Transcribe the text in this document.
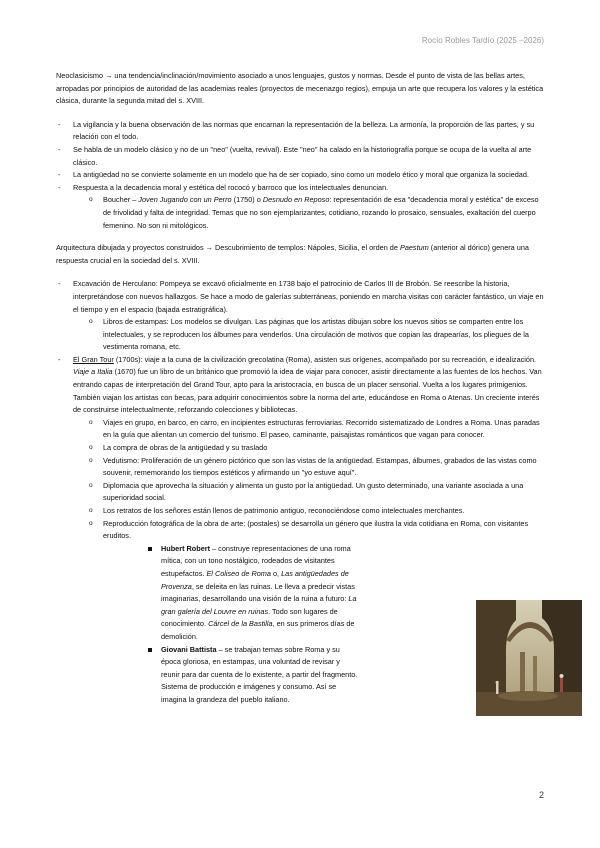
Rocío Robles Tardío (2025 –2026)

Neoclasicismo → una tendencia/inclinación/movimiento asociado a unos lenguajes, gustos y normas. Desde el punto de vista de las bellas artes, arropadas por principios de autoridad de las academias reales (proyectos de mecenazgo regios), empuja un arte que recupera los valores y la estética clásica, durante la segunda mitad del s. XVIII.

- La vigilancia y la buena observación de las normas que encarnan la representación de la belleza. La armonía, la proporción de las partes, y su relación con el todo.
- Se habla de un modelo clásico y no de un "neo" (vuelta, revival). Este "neo" ha calado en la historiografía porque se ocupa de la vuelta al arte clásico.
- La antigüedad no se convierte solamente en un modelo que ha de ser copiado, sino como un modelo ético y moral que organiza la sociedad.
- Respuesta a la decadencia moral y estética del rococó y barroco que los intelectuales denuncian.
o Boucher – Joven Jugando con un Perro (1750) o Desnudo en Reposo: representación de esa "decadencia moral y estética" de exceso de frivolidad y falta de integridad. Temas que no son ejemplarizantes, cotidiano, rozando lo prosaico, sensuales, exaltación del cuerpo femenino. No son ni mitológicos.

Arquitectura dibujada y proyectos construidos → Descubrimiento de templos: Nápoles, Sicilia, el orden de Paestum (anterior al dórico) genera una respuesta crucial en la sociedad del s. XVIII.

- Excavación de Herculano: Pompeya se excavó oficialmente en 1738 bajo el patrocinio de Carlos III de Brobón. Se reescribe la historia, interpretándose con nuevos hallazgos. Se hace a modo de galerías subterráneas, poniendo en marcha visitas con carácter fantástico, un viaje en el tiempo y en el espacio (bajada estratigráfica).
o Libros de estampas: Los modelos se divulgan. Las páginas que los artistas dibujan sobre los nuevos sitios se comparten entre los intelectuales, y se reproducen los álbumes para venderlos. Una circulación de motivos que copian las drapearías, los pliegues de la vestimenta romana, etc.
- El Gran Tour (1700s): viaje a la cuna de la civilización grecolatina (Roma), asisten sus orígenes, acompañado por su recreación, e idealización. Viaje a Italia (1670) fue un libro de un británico que promovió la idea de viajar para conocer, asistir directamente a las fuentes de los hechos. Van entrando capas de interpretación del Grand Tour, apto para la aristocracia, en busca de un placer sensorial. Vuelta a los lugares primigenios. También viajan los artistas con becas, para adquirir conocimientos sobre la norma del arte, educándose en Roma o Atenas. Un creciente interés de construirse intelectualmente, reforzando colecciones y bibliotecas.
o Viajes en grupo, en barco, en carro, en incipientes estructuras ferroviarias. Recorrido sistematizado de Londres a Roma. Unas paradas en la guía que alientan un comercio del turismo. El paseo, caminante, paisajistas románticos que vagan para conocer.
o La compra de obras de la antigüedad y su traslado
o Vedutismo: Proliferación de un género pictórico que son las vistas de la antigüedad. Estampas, álbumes, grabados de las vistas como souvenir, rememorando los tiempos estéticos y afirmando un "yo estuve aquí".
o Diplomacia que aprovecha la situación y alimenta un gusto por la antigüedad. Un gusto determinado, una variante asociada a una superioridad social.
o Los retratos de los señores están llenos de patrimonio antiguo, reconociéndose como intelectuales merchantes.
o Reproducción fotográfica de la obra de arte: (postales) se desarrolla un género que ilustra la vida cotidiana en Roma, con visitantes eruditos.
Hubert Robert – construye representaciones de una roma mítica, con un tono nostálgico, rodeados de visitantes estupefactos. El Coliseo de Roma o, Las antigüedades de Provenza, se deleita en las ruinas. Le lleva a predecir vistas imaginarias, desarrollando una visión de la ruina a futuro: La gran galería del Louvre en ruinas. Todo son lugares de conocimiento. Cárcel de la Bastilla, en sus primeros días de demolición.
Giovani Battista – se trabajan temas sobre Roma y su época gloriosa, en estampas, una voluntad de revisar y reunir para dar cuenta de lo existente, a partir del fragmento. Sistema de producción e imágenes y consumo. Así se imagina la grandeza del pueblo italiano.
2
